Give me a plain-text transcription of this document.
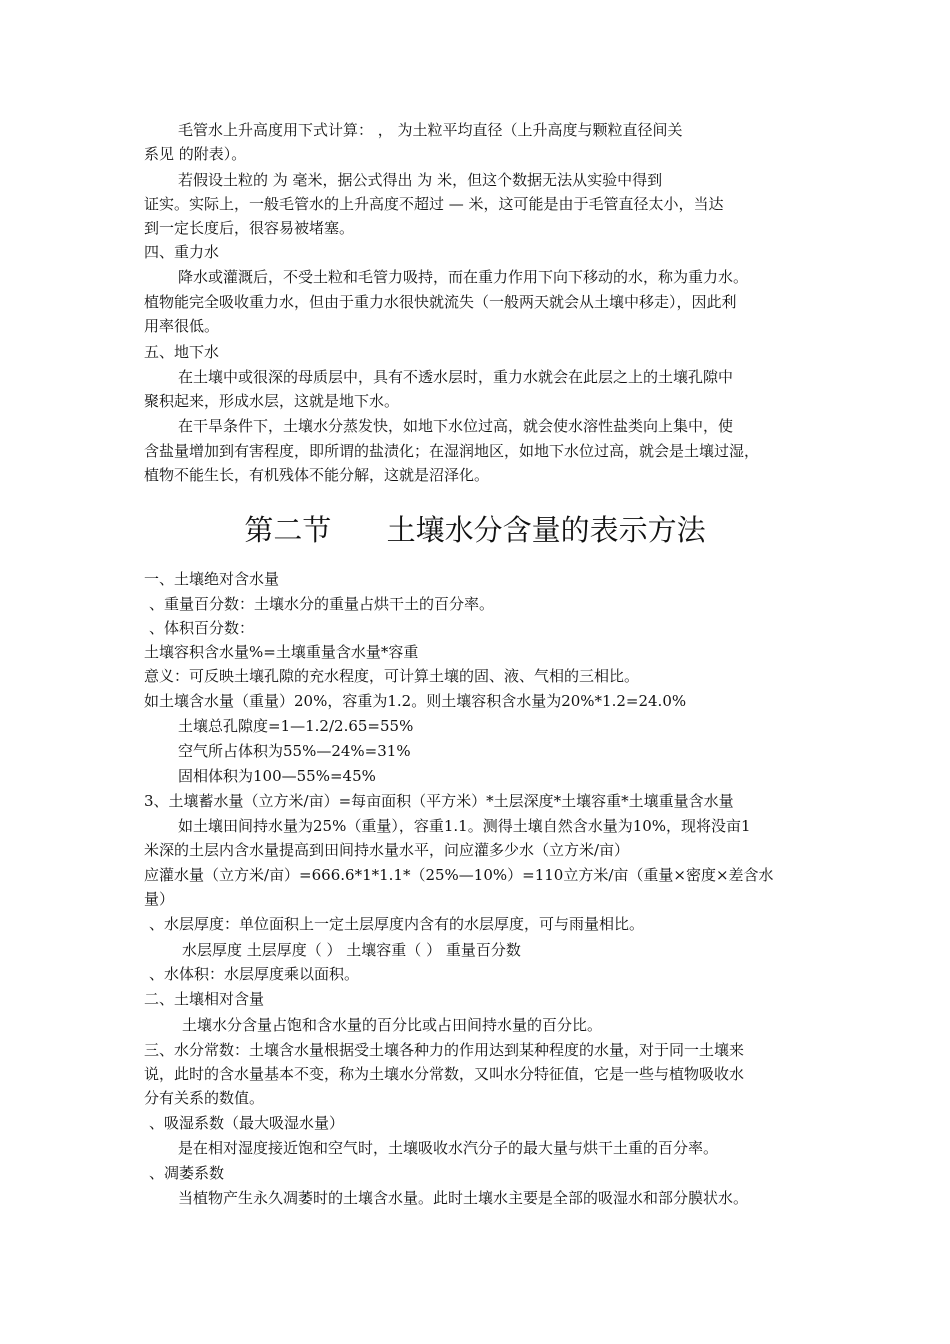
毛管水上升高度用下式计算： ， 为土粒平均直径（上升高度与颗粒直径间关
系见 的附表）。
若假设土粒的 为 毫米，据公式得出 为 米，但这个数据无法从实验中得到
证实。实际上，一般毛管水的上升高度不超过 — 米，这可能是由于毛管直径太小，当达
到一定长度后，很容易被堵塞。
四、重力水
降水或灌溉后，不受土粒和毛管力吸持，而在重力作用下向下移动的水，称为重力水。
植物能完全吸收重力水，但由于重力水很快就流失（一般两天就会从土壤中移走），因此利
用率很低。
五、地下水
在土壤中或很深的母质层中，具有不透水层时，重力水就会在此层之上的土壤孔隙中
聚积起来，形成水层，这就是地下水。
在干旱条件下，土壤水分蒸发快，如地下水位过高，就会使水溶性盐类向上集中，使
含盐量增加到有害程度，即所谓的盐渍化；在湿润地区，如地下水位过高，就会是土壤过湿，
植物不能生长，有机残体不能分解，这就是沼泽化。
第二节      土壤水分含量的表示方法
一、土壤绝对含水量
、重量百分数：土壤水分的重量占烘干土的百分率。
、体积百分数：
土壤容积含水量%=土壤重量含水量*容重
意义：可反映土壤孔隙的充水程度，可计算土壤的固、液、气相的三相比。
如土壤含水量（重量）20%，容重为1.2。则土壤容积含水量为20%*1.2=24.0%
土壤总孔隙度=1—1.2/2.65=55%
空气所占体积为55%—24%=31%
固相体积为100—55%=45%
3、土壤蓄水量（立方米/亩）=每亩面积（平方米）*土层深度*土壤容重*土壤重量含水量
如土壤田间持水量为25%（重量），容重1.1。测得土壤自然含水量为10%，现将没亩1
米深的土层内含水量提高到田间持水量水平，问应灌多少水（立方米/亩）
应灌水量（立方米/亩）=666.6*1*1.1*（25%—10%）=110立方米/亩（重量×密度×差含水
量）
、水层厚度：单位面积上一定土层厚度内含有的水层厚度，可与雨量相比。
水层厚度 土层厚度（ ） 土壤容重（ ） 重量百分数
、水体积：水层厚度乘以面积。
二、土壤相对含量
土壤水分含量占饱和含水量的百分比或占田间持水量的百分比。
三、水分常数：土壤含水量根据受土壤各种力的作用达到某种程度的水量，对于同一土壤来
说，此时的含水量基本不变，称为土壤水分常数，又叫水分特征值，它是一些与植物吸收水
分有关系的数值。
、吸湿系数（最大吸湿水量）
是在相对湿度接近饱和空气时，土壤吸收水汽分子的最大量与烘干土重的百分率。
、凋萎系数
当植物产生永久凋萎时的土壤含水量。此时土壤水主要是全部的吸湿水和部分膜状水。
